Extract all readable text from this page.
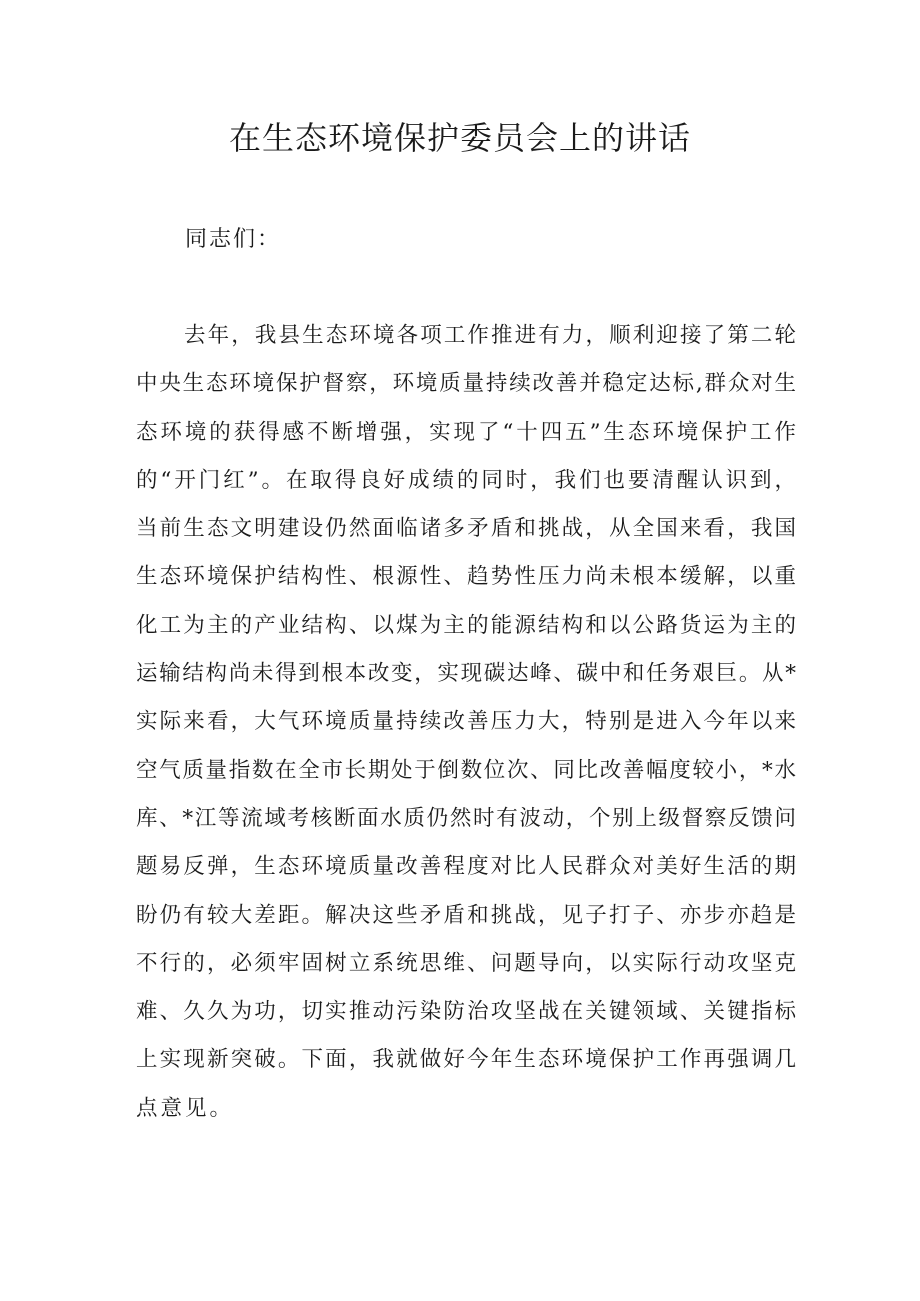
在生态环境保护委员会上的讲话

同志们：

去年，我县生态环境各项工作推进有力，顺利迎接了第二轮
中央生态环境保护督察，环境质量持续改善并稳定达标,群众对生
态环境的获得感不断增强，实现了“十四五”生态环境保护工作
的“开门红”。在取得良好成绩的同时，我们也要清醒认识到，
当前生态文明建设仍然面临诸多矛盾和挑战，从全国来看，我国
生态环境保护结构性、根源性、趋势性压力尚未根本缓解，以重
化工为主的产业结构、以煤为主的能源结构和以公路货运为主的
运输结构尚未得到根本改变，实现碳达峰、碳中和任务艰巨。从*
实际来看，大气环境质量持续改善压力大，特别是进入今年以来
空气质量指数在全市长期处于倒数位次、同比改善幅度较小，*水
库、*江等流域考核断面水质仍然时有波动，个别上级督察反馈问
题易反弹，生态环境质量改善程度对比人民群众对美好生活的期
盼仍有较大差距。解决这些矛盾和挑战，见子打子、亦步亦趋是
不行的，必须牢固树立系统思维、问题导向，以实际行动攻坚克
难、久久为功，切实推动污染防治攻坚战在关键领域、关键指标
上实现新突破。下面，我就做好今年生态环境保护工作再强调几
点意见。
